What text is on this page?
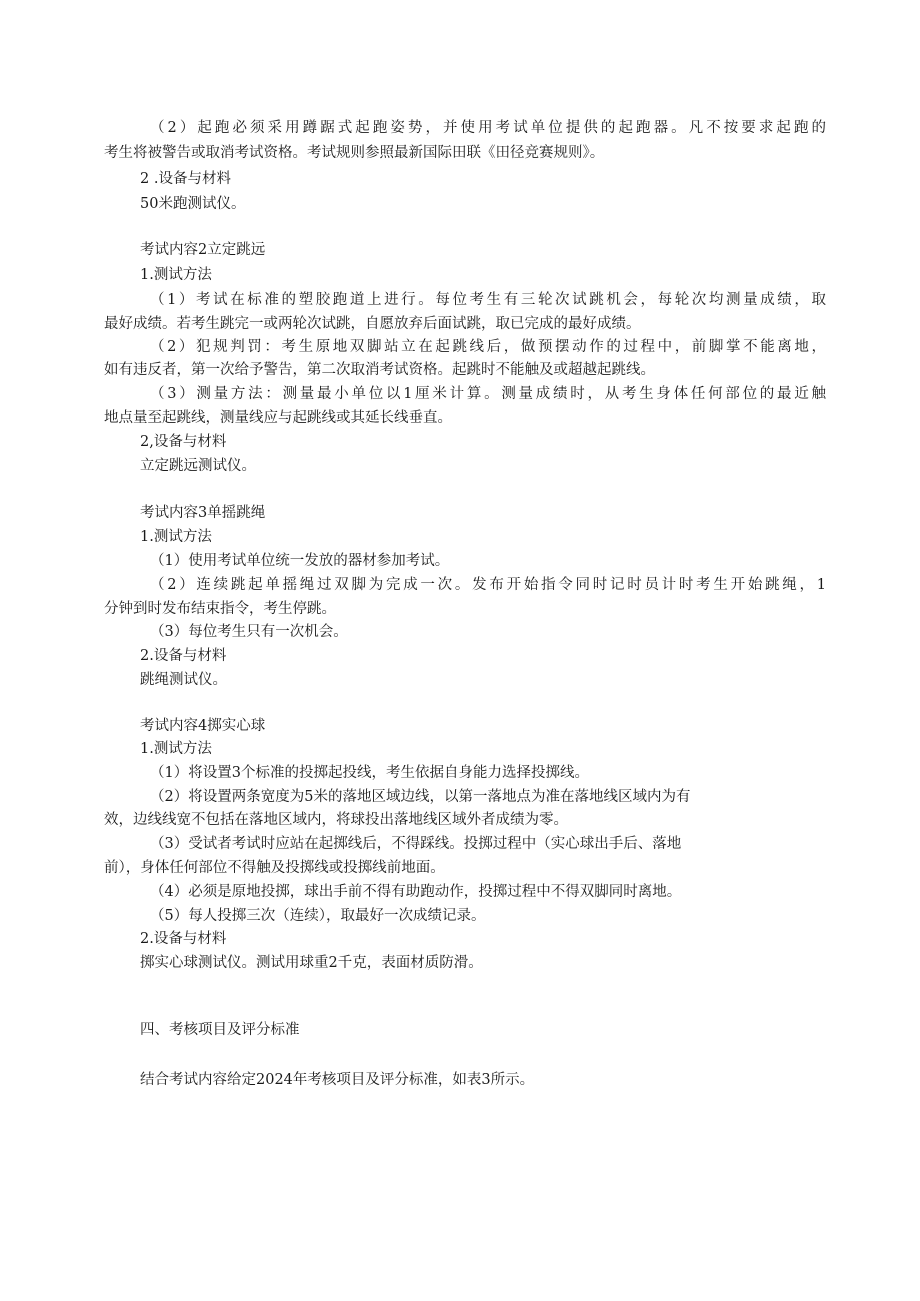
（2）起跑必须采用蹲踞式起跑姿势，并使用考试单位提供的起跑器。凡不按要求起跑的
考生将被警告或取消考试资格。考试规则参照最新国际田联《田径竞赛规则》。
2 .设备与材料
50米跑测试仪。
考试内容2立定跳远
1.测试方法
（1）考试在标准的塑胶跑道上进行。每位考生有三轮次试跳机会，每轮次均测量成绩，取
最好成绩。若考生跳完一或两轮次试跳，自愿放弃后面试跳，取已完成的最好成绩。
（2）犯规判罚：考生原地双脚站立在起跳线后，做预摆动作的过程中，前脚掌不能离地，
如有违反者，第一次给予警告，第二次取消考试资格。起跳时不能触及或超越起跳线。
（3）测量方法：测量最小单位以1厘米计算。测量成绩时，从考生身体任何部位的最近触
地点量至起跳线，测量线应与起跳线或其延长线垂直。
2,设备与材料
立定跳远测试仪。
考试内容3单摇跳绳
1.测试方法
（1）使用考试单位统一发放的器材参加考试。
（2）连续跳起单摇绳过双脚为完成一次。发布开始指令同时记时员计时考生开始跳绳，1
分钟到时发布结束指令，考生停跳。
（3）每位考生只有一次机会。
2.设备与材料
跳绳测试仪。
考试内容4掷实心球
1.测试方法
（1）将设置3个标准的投掷起投线，考生依据自身能力选择投掷线。
（2）将设置两条宽度为5米的落地区域边线，以第一落地点为准在落地线区域内为有
效，边线线宽不包括在落地区域内，将球投出落地线区域外者成绩为零。
（3）受试者考试时应站在起掷线后，不得踩线。投掷过程中（实心球出手后、落地
前），身体任何部位不得触及投掷线或投掷线前地面。
（4）必须是原地投掷，球出手前不得有助跑动作，投掷过程中不得双脚同时离地。
（5）每人投掷三次（连续），取最好一次成绩记录。
2.设备与材料
掷实心球测试仪。测试用球重2千克，表面材质防滑。
四、考核项目及评分标准
结合考试内容给定2024年考核项目及评分标准，如表3所示。
